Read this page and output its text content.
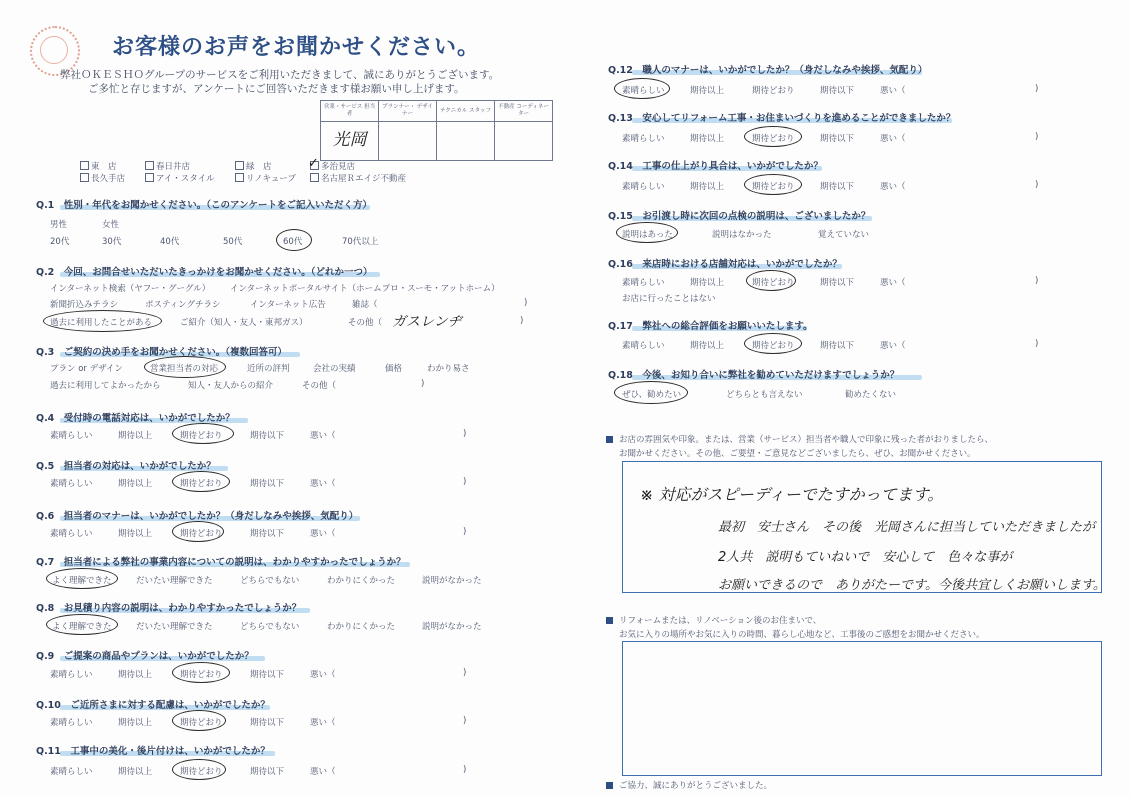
お客様のお声をお聞かせください。
弊社ＯＫＥＳＨＯグループのサービスをご利用いただきまして、誠にありがとうございます。
ご多忙と存じますが、アンケートにご回答いただきます様お願い申し上げます。
営業・サービス 担当者	プランナー・ デザイナー	テクニカル スタッフ	不動産 コーディネーター
光岡			
東　店	春日井店	緑　店	多治見店
長久手店	アイ・スタイル	リノキューブ	名古屋Ｒエイジ不動産
✓
Q.1　性別・年代をお聞かせください。（このアンケートをご記入いただく方）
男性	女性
20代	30代	40代	50代	60代	70代以上
Q.2　今回、お問合せいただいたきっかけをお聞かせください。（どれか一つ）
インターネット検索（ヤフー・グーグル） インターネットポータルサイト（ホームプロ・スーモ・アットホーム）
新聞折込みチラシ	ポスティングチラシ	インターネット広告	雑誌（	)
過去に利用したことがある	ご紹介（知人・友人・東邦ガス）	その他（	)
ガスレンヂ
Q.3　ご契約の決め手をお聞かせください。（複数回答可）
プラン or デザイン	営業担当者の対応	近所の評判	会社の実績	価格	わかり易さ
過去に利用してよかったから	知人・友人からの紹介	その他（	)
Q.4　受付時の電話対応は、いかがでしたか？
素晴らしい	期待以上	期待どおり	期待以下	悪い（	)
Q.5　担当者の対応は、いかがでしたか？
素晴らしい	期待以上	期待どおり	期待以下	悪い（	)
Q.6　担当者のマナーは、いかがでしたか？（身だしなみや挨拶、気配り）
素晴らしい	期待以上	期待どおり	期待以下	悪い（	)
Q.7　担当者による弊社の事業内容についての説明は、わかりやすかったでしょうか？
よく理解できた	だいたい理解できた	どちらでもない	わかりにくかった	説明がなかった
Q.8　お見積り内容の説明は、わかりやすかったでしょうか？
よく理解できた	だいたい理解できた	どちらでもない	わかりにくかった	説明がなかった
Q.9　ご提案の商品やプランは、いかがでしたか？
素晴らしい	期待以上	期待どおり	期待以下	悪い（	)
Q.10　ご近所さまに対する配慮は、いかがでしたか？
素晴らしい	期待以上	期待どおり	期待以下	悪い（	)
Q.11　工事中の美化・後片付けは、いかがでしたか？
素晴らしい	期待以上	期待どおり	期待以下	悪い（	)
Q.12　職人のマナーは、いかがでしたか？（身だしなみや挨拶、気配り）
素晴らしい	期待以上	期待どおり	期待以下	悪い（	)
Q.13　安心してリフォーム工事・お住まいづくりを進めることができましたか？
素晴らしい	期待以上	期待どおり	期待以下	悪い（	)
Q.14　工事の仕上がり具合は、いかがでしたか？
素晴らしい	期待以上	期待どおり	期待以下	悪い（	)
Q.15　お引渡し時に次回の点検の説明は、ございましたか？
説明はあった	説明はなかった	覚えていない
Q.16　来店時における店舗対応は、いかがでしたか？
素晴らしい	期待以上	期待どおり	期待以下	悪い（	)
お店に行ったことはない
Q.17　弊社への総合評価をお願いいたします。
素晴らしい	期待以上	期待どおり	期待以下	悪い（	)
Q.18　今後、お知り合いに弊社を勧めていただけますでしょうか？
ぜひ、勧めたい	どちらとも言えない	勧めたくない
お店の雰囲気や印象。または、営業（サービス）担当者や職人で印象に残った者がおりましたら、
お聞かせください。その他、ご要望・ご意見などございましたら、ぜひ、お聞かせください。
※ 対応がスピーディーでたすかってます。
最初　安士さん　その後　光岡さんに担当していただきましたが
2人共　説明もていねいで　安心して　色々な事が
お願いできるので　ありがたーです。今後共宜しくお願いします。
リフォームまたは、リノベーション後のお住まいで、
お気に入りの場所やお気に入りの時間、暮らし心地など、工事後のご感想をお聞かせください。
ご協力、誠にありがとうございました。
